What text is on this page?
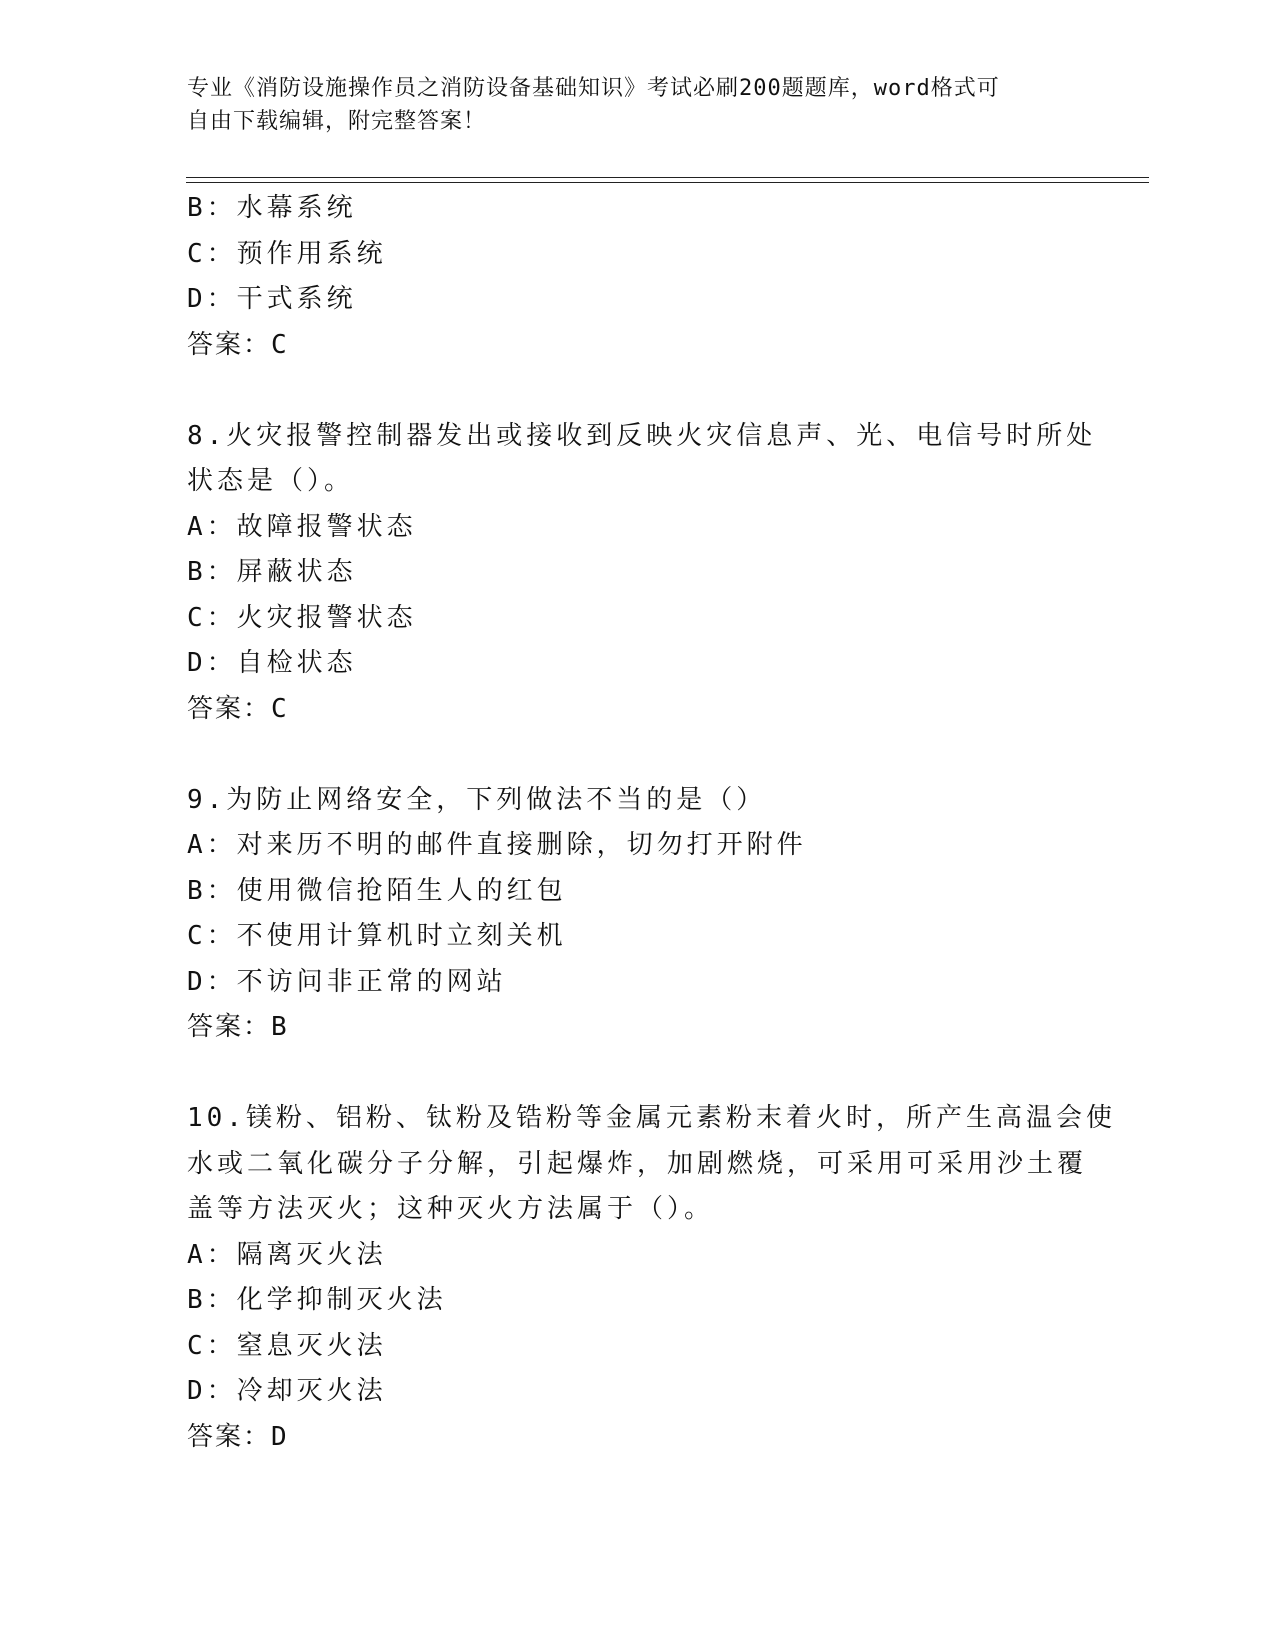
专业《消防设施操作员之消防设备基础知识》考试必刷200题题库，word格式可
自由下载编辑，附完整答案！
B：水幕系统
C：预作用系统
D：干式系统
答案：C
8.火灾报警控制器发出或接收到反映火灾信息声、光、电信号时所处
状态是（）。
A：故障报警状态
B：屏蔽状态
C：火灾报警状态
D：自检状态
答案：C
9.为防止网络安全，下列做法不当的是（）
A：对来历不明的邮件直接删除，切勿打开附件
B：使用微信抢陌生人的红包
C：不使用计算机时立刻关机
D：不访问非正常的网站
答案：B
10.镁粉、铝粉、钛粉及锆粉等金属元素粉末着火时，所产生高温会使
水或二氧化碳分子分解，引起爆炸，加剧燃烧，可采用可采用沙土覆
盖等方法灭火；这种灭火方法属于（）。
A：隔离灭火法
B：化学抑制灭火法
C：窒息灭火法
D：冷却灭火法
答案：D
